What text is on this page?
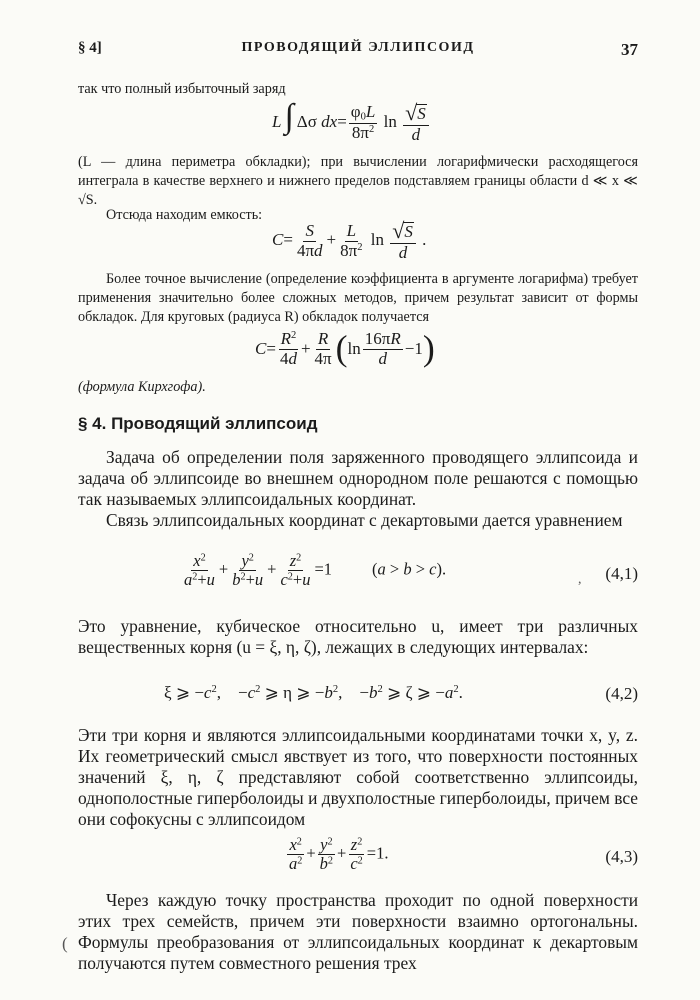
§ 4]	ПРОВОДЯЩИЙ ЭЛЛИПСОИД	37

так что полный избыточный заряд

L∫ Δσ $dx= \frac{\varphi_0L}{8\pi^2}$ $\ln \frac{√ S}{d}$

(L — длина периметра обкладки); при вычислении логарифмически расходящегося интеграла в качестве верхнего и нижнего пределов подставляем границы области d ≪ x ≪ √S.

Отсюда находим емкость:

$C= \frac{S}{4\pi d} + \frac{L}{8\pi^2}$ $\ln \frac{√ S}{d}$ .

Более точное вычисление (определение коэффициента в аргументе логарифма) требует применения значительно более сложных методов, причем результат зависит от формы обкладок. Для круговых (радиуса R) обкладок получается

$C = \frac{R^2}{4d} + \frac{R}{4\pi}$ ( $\ln \frac{16\pi R}{d} -1$ )

(формула Кирхгофа).

§ 4. Проводящий эллипсоид

Задача об определении поля заряженного проводящего эллипсоида и задача об эллипсоиде во внешнем однородном поле решаются с помощью так называемых эллипсоидальных координат.

Связь эллипсоидальных координат с декартовыми дается уравнением

$\frac{x^2}{a^2+u} + \frac{y^2}{b^2+u} + \frac{z^2}{c^2+u} =1$ (a > b > c).	(4,1)
,

Это уравнение, кубическое относительно u, имеет три различных вещественных корня (u = ξ, η, ζ), лежащих в следующих интервалах:

ξ ⩾ $-c^2$,    $-c^2$ ⩾ η ⩾ $-b^2$,    $-b^2$ ⩾ ζ ⩾ $-a^2$.	(4,2)

Эти три корня и являются эллипсоидальными координатами точки x, y, z. Их геометрический смысл явствует из того, что поверхности постоянных значений ξ, η, ζ представляют собой соответственно эллипсоиды, однополостные гиперболоиды и двухполостные гиперболоиды, причем все они софокусны с эллипсоидом

$\frac{x^2}{a^2} + \frac{y^2}{b^2} + \frac{z^2}{c^2} =1$.	(4,3)

Через каждую точку пространства проходит по одной поверхности этих трех семейств, причем эти поверхности взаимно ортогональны. Формулы преобразования от эллипсоидальных координат к декартовым получаются путем совместного решения трех

(
